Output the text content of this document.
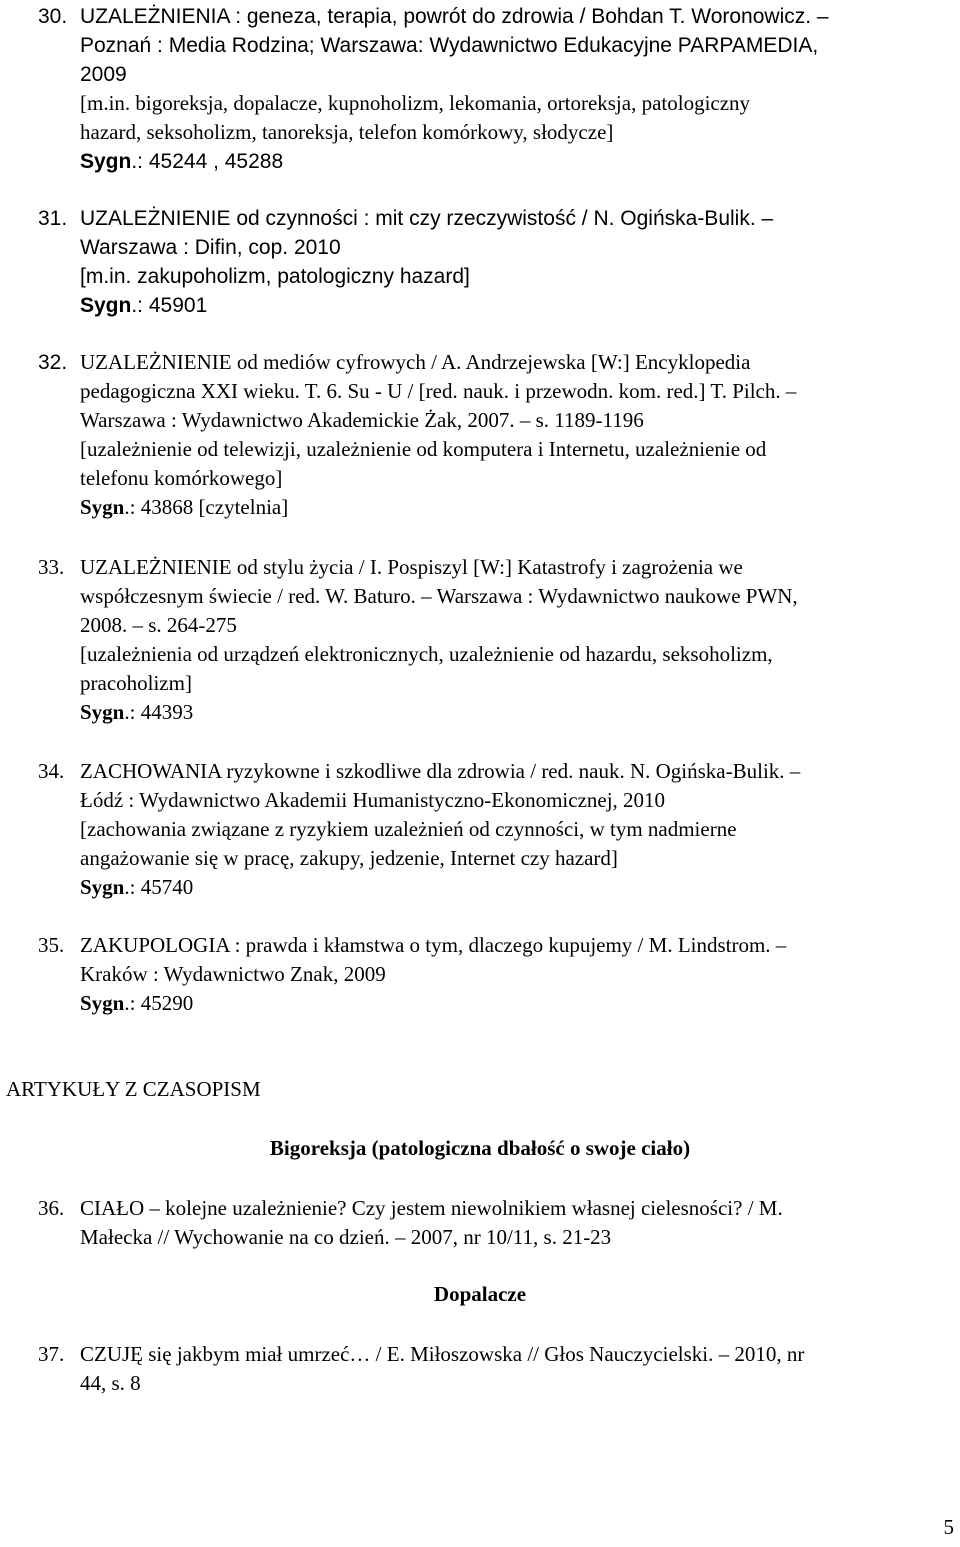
30. UZALEŻNIENIA : geneza, terapia, powrót do zdrowia / Bohdan T. Woronowicz. –
Poznań : Media Rodzina; Warszawa: Wydawnictwo Edukacyjne PARPAMEDIA,
2009
[m.in. bigoreksja, dopalacze, kupnoholizm, lekomania, ortoreksja, patologiczny
hazard, seksoholizm, tanoreksja, telefon komórkowy, słodycze]
Sygn.: 45244 , 45288
31. UZALEŻNIENIE od czynności : mit czy rzeczywistość / N. Ogińska-Bulik. –
Warszawa : Difin, cop. 2010
[m.in. zakupoholizm, patologiczny hazard]
Sygn.: 45901
32. UZALEŻNIENIE od mediów cyfrowych / A. Andrzejewska [W:] Encyklopedia
pedagogiczna XXI wieku. T. 6. Su - U / [red. nauk. i przewodn. kom. red.] T. Pilch. –
Warszawa : Wydawnictwo Akademickie Żak, 2007. – s. 1189-1196
[uzależnienie od telewizji, uzależnienie od komputera i Internetu, uzależnienie od
telefonu komórkowego]
Sygn.: 43868 [czytelnia]
33. UZALEŻNIENIE od stylu życia / I. Pospiszyl [W:] Katastrofy i zagrożenia we
współczesnym świecie / red. W. Baturo. – Warszawa : Wydawnictwo naukowe PWN,
2008. – s. 264-275
[uzależnienia od urządzeń elektronicznych, uzależnienie od hazardu, seksoholizm,
pracoholizm]
Sygn.: 44393
34. ZACHOWANIA ryzykowne i szkodliwe dla zdrowia / red. nauk. N. Ogińska-Bulik. –
Łódź : Wydawnictwo Akademii Humanistyczno-Ekonomicznej, 2010
[zachowania związane z ryzykiem uzależnień od czynności, w tym nadmierne
angażowanie się w pracę, zakupy, jedzenie, Internet czy hazard]
Sygn.: 45740
35. ZAKUPOLOGIA : prawda i kłamstwa o tym, dlaczego kupujemy / M. Lindstrom. –
Kraków : Wydawnictwo Znak, 2009
Sygn.: 45290
ARTYKUŁY Z CZASOPISM
Bigoreksja (patologiczna dbałość o swoje ciało)
36. CIAŁO – kolejne uzależnienie? Czy jestem niewolnikiem własnej cielesności? / M.
Małecka // Wychowanie na co dzień. – 2007, nr 10/11, s. 21-23
Dopalacze
37. CZUJĘ się jakbym miał umrzeć… / E. Miłoszowska // Głos Nauczycielski. – 2010, nr
44, s. 8
5
